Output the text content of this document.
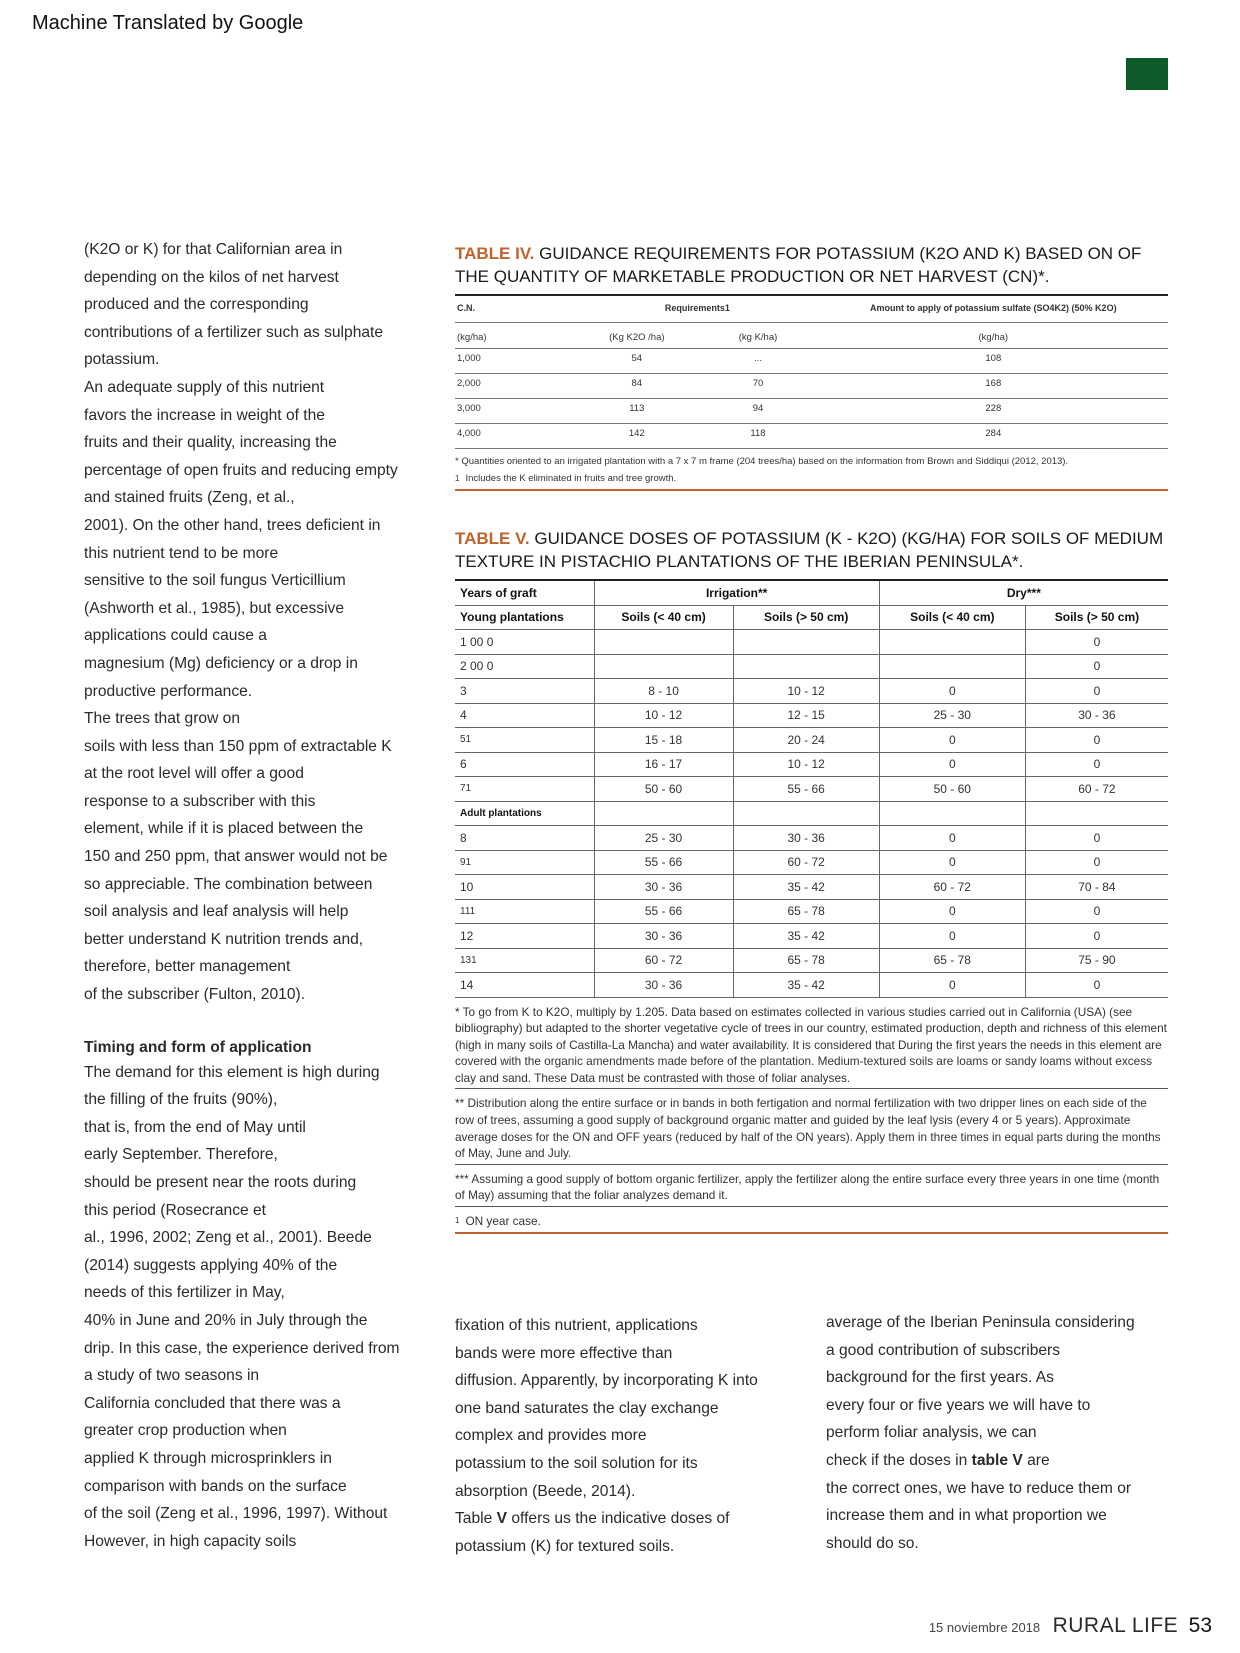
Machine Translated by Google

(K2O or K) for that Californian area in

depending on the kilos of net harvest

produced and the corresponding

contributions of a fertilizer such as sulphate

potassium.

An adequate supply of this nutrient

favors the increase in weight of the

fruits and their quality, increasing the

percentage of open fruits and reducing empty

and stained fruits (Zeng, et al.,

2001). On the other hand, trees deficient in

this nutrient tend to be more

sensitive to the soil fungus Verticillium

(Ashworth et al., 1985), but excessive

applications could cause a

magnesium (Mg) deficiency or a drop in

productive performance.

The trees that grow on

soils with less than 150 ppm of extractable K

at the root level will offer a good

response to a subscriber with this

element, while if it is placed between the

150 and 250 ppm, that answer would not be

so appreciable. The combination between

soil analysis and leaf analysis will help

better understand K nutrition trends and,

therefore, better management

of the subscriber (Fulton, 2010).

Timing and form of application

The demand for this element is high during

the filling of the fruits (90%),

that is, from the end of May until

early September. Therefore,

should be present near the roots during

this period (Rosecrance et

al., 1996, 2002; Zeng et al., 2001). Beede

(2014) suggests applying 40% of the

needs of this fertilizer in May,

40% in June and 20% in July through the

drip. In this case, the experience derived from

a study of two seasons in

California concluded that there was a

greater crop production when

applied K through microsprinklers in

comparison with bands on the surface

of the soil (Zeng et al., 1996, 1997). Without

However, in high capacity soils

TABLE IV. GUIDANCE REQUIREMENTS FOR POTASSIUM (K2O AND K) BASED ON OF THE QUANTITY OF MARKETABLE PRODUCTION OR NET HARVEST (CN)*.
C.N.	Requirements1		Amount to apply of potassium sulfate (SO4K2) (50% K2O)
(kg/ha)	(Kg K2O /ha)	(kg K/ha)	(kg/ha)
1,000	54	...	108
2,000	84	70	168
3,000	113	94	228
4,000	142	118	284
* Quantities oriented to an irrigated plantation with a 7 x 7 m frame (204 trees/ha) based on the information from Brown and Siddiqui (2012, 2013).
$^1$ Includes the K eliminated in fruits and tree growth.
TABLE V. GUIDANCE DOSES OF POTASSIUM (K - K2O) (KG/HA) FOR SOILS OF MEDIUM TEXTURE IN PISTACHIO PLANTATIONS OF THE IBERIAN PENINSULA*.
Years of graft	Irrigation**		Dry***	
Young plantations	Soils (< 40 cm)	Soils (> 50 cm)	Soils (< 40 cm)	Soils (> 50 cm)
1 00 0				0
2 00 0				0
3	8 - 10	10 - 12	0	0
4	10 - 12	12 - 15	25 - 30	30 - 36
51	15 - 18	20 - 24	0	0
6	16 - 17	10 - 12	0	0
71	50 - 60	55 - 66	50 - 60	60 - 72
Adult plantations				
8	25 - 30	30 - 36	0	0
91	55 - 66	60 - 72	0	0
10	30 - 36	35 - 42	60 - 72	70 - 84
111	55 - 66	65 - 78	0	0
12	30 - 36	35 - 42	0	0
131	60 - 72	65 - 78	65 - 78	75 - 90
14	30 - 36	35 - 42	0	0
* To go from K to K2O, multiply by 1.205. Data based on estimates collected in various studies carried out in California (USA) (see bibliography) but adapted to the shorter vegetative cycle of trees in our country, estimated production, depth and richness of this element (high in many soils of Castilla-La Mancha) and water availability. It is considered that During the first years the needs in this element are covered with the organic amendments made before of the plantation. Medium-textured soils are loams or sandy loams without excess clay and sand. These Data must be contrasted with those of foliar analyses.
** Distribution along the entire surface or in bands in both fertigation and normal fertilization with two dripper lines on each side of the row of trees, assuming a good supply of background organic matter and guided by the leaf lysis (every 4 or 5 years). Approximate average doses for the ON and OFF years (reduced by half of the ON years). Apply them in three times in equal parts during the months of May, June and July.
*** Assuming a good supply of bottom organic fertilizer, apply the fertilizer along the entire surface every three years in one time (month of May) assuming that the foliar analyzes demand it.
$^1$ ON year case.

fixation of this nutrient, applications

bands were more effective than

diffusion. Apparently, by incorporating K into

one band saturates the clay exchange

complex and provides more

potassium to the soil solution for its

absorption (Beede, 2014).

Table V offers us the indicative doses of

potassium (K) for textured soils.

average of the Iberian Peninsula considering

a good contribution of subscribers

background for the first years. As

every four or five years we will have to

perform foliar analysis, we can

check if the doses in table V are

the correct ones, we have to reduce them or

increase them and in what proportion we

should do so.

15 noviembre 2018 RURAL LIFE 53
